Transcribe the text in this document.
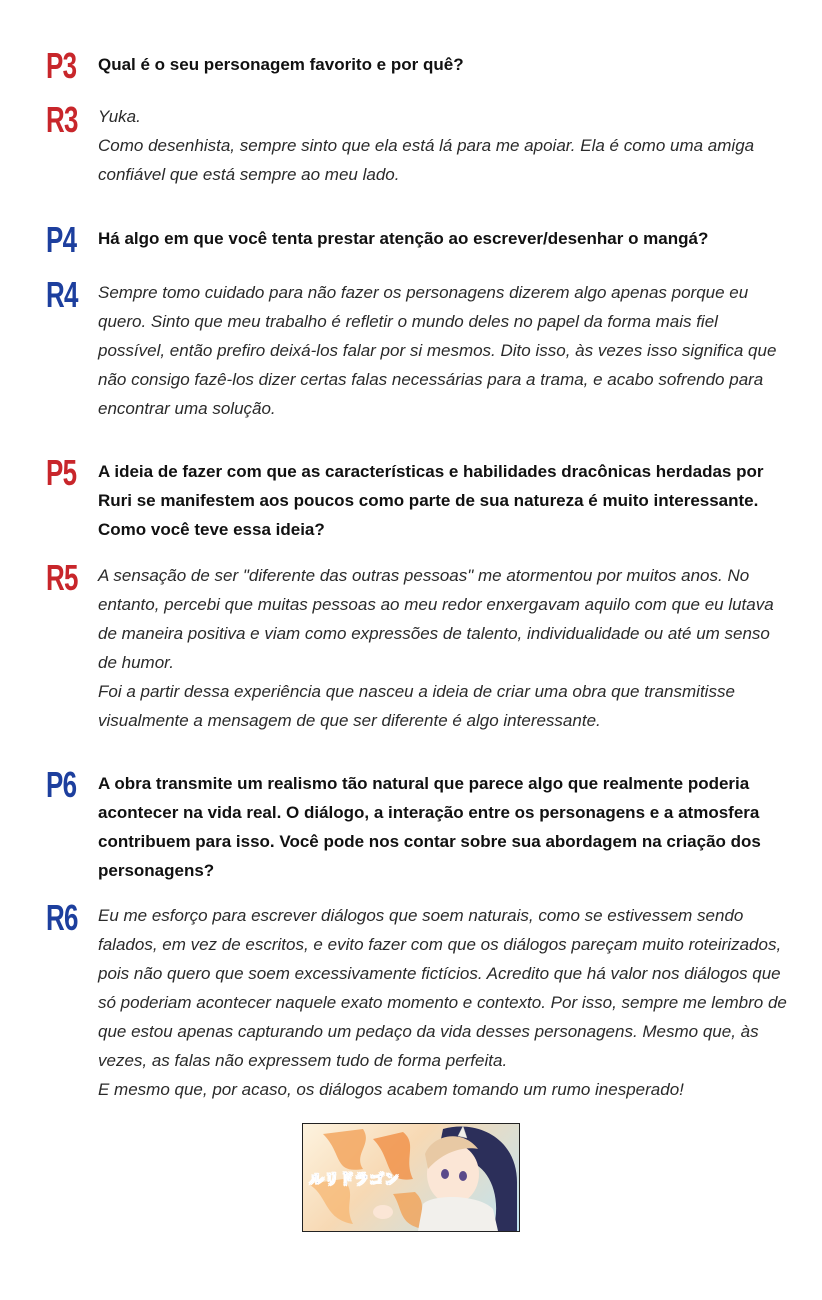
P3 Qual é o seu personagem favorito e por quê?
R3 Yuka.

Como desenhista, sempre sinto que ela está lá para me apoiar. Ela é como uma amiga confiável que está sempre ao meu lado.

P4 Há algo em que você tenta prestar atenção ao escrever/desenhar o mangá?
R4 Sempre tomo cuidado para não fazer os personagens dizerem algo apenas porque eu quero. Sinto que meu trabalho é refletir o mundo deles no papel da forma mais fiel possível, então prefiro deixá-los falar por si mesmos. Dito isso, às vezes isso significa que não consigo fazê-los dizer certas falas necessárias para a trama, e acabo sofrendo para encontrar uma solução.

P5 A ideia de fazer com que as características e habilidades dracônicas herdadas por Ruri se manifestem aos poucos como parte de sua natureza é muito interessante. Como você teve essa ideia?
R5 A sensação de ser "diferente das outras pessoas" me atormentou por muitos anos. No entanto, percebi que muitas pessoas ao meu redor enxergavam aquilo com que eu lutava de maneira positiva e viam como expressões de talento, individualidade ou até um senso de humor.

Foi a partir dessa experiência que nasceu a ideia de criar uma obra que transmitisse visualmente a mensagem de que ser diferente é algo interessante.

P6 A obra transmite um realismo tão natural que parece algo que realmente poderia acontecer na vida real. O diálogo, a interação entre os personagens e a atmosfera contribuem para isso. Você pode nos contar sobre sua abordagem na criação dos personagens?
R6 Eu me esforço para escrever diálogos que soem naturais, como se estivessem sendo falados, em vez de escritos, e evito fazer com que os diálogos pareçam muito roteirizados, pois não quero que soem excessivamente fictícios. Acredito que há valor nos diálogos que só poderiam acontecer naquele exato momento e contexto. Por isso, sempre me lembro de que estou apenas capturando um pedaço da vida desses personagens. Mesmo que, às vezes, as falas não expressem tudo de forma perfeita.

E mesmo que, por acaso, os diálogos acabem tomando um rumo inesperado!

ルリドラゴン
